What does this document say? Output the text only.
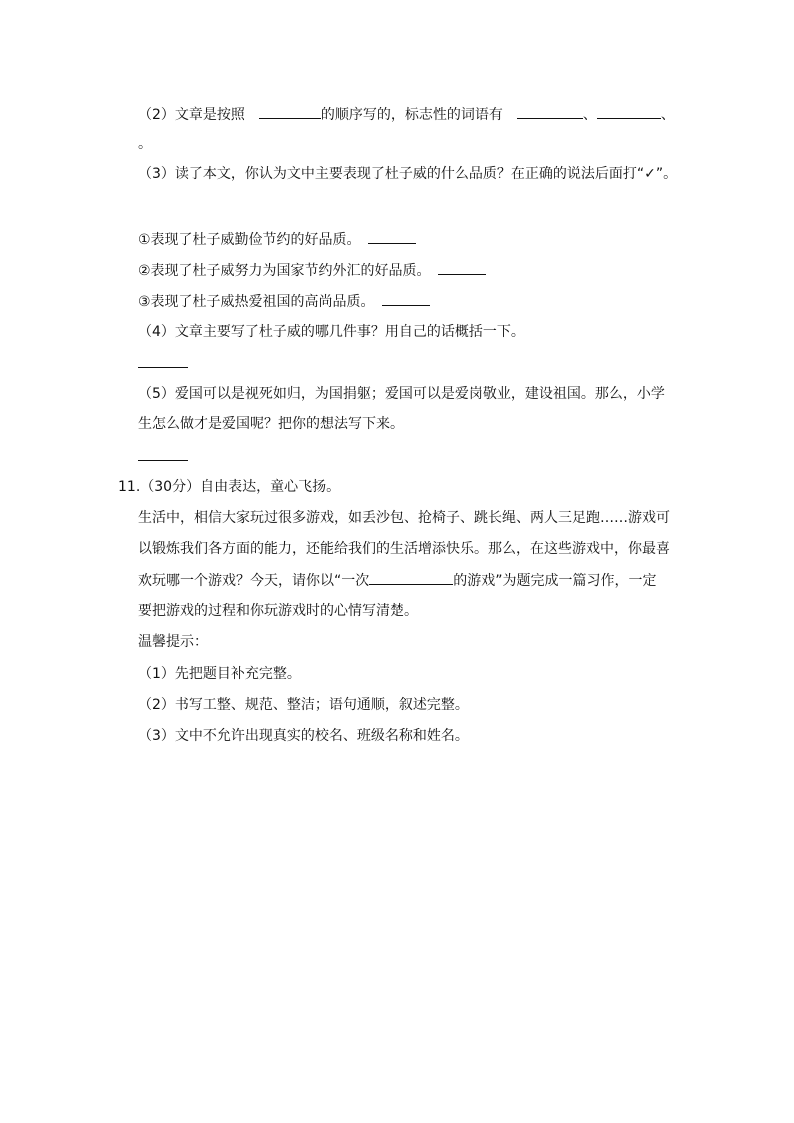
（2）文章是按照　	的顺序写的，标志性的词语有　	、	、
。
（3）读了本文，你认为文中主要表现了杜子威的什么品质？在正确的说法后面打“✓”。
①表现了杜子威勤俭节约的好品质。　
②表现了杜子威努力为国家节约外汇的好品质。　
③表现了杜子威热爱祖国的高尚品质。　
（4）文章主要写了杜子威的哪几件事？用自己的话概括一下。
（5）爱国可以是视死如归，为国捐躯；爱国可以是爱岗敬业，建设祖国。那么，小学
生怎么做才是爱国呢？把你的想法写下来。
11.（30分）自由表达，童心飞扬。
生活中，相信大家玩过很多游戏，如丢沙包、抢椅子、跳长绳、两人三足跑……游戏可
以锻炼我们各方面的能力，还能给我们的生活增添快乐。那么，在这些游戏中，你最喜
欢玩哪一个游戏？今天，请你以“一次	的游戏”为题完成一篇习作，一定
要把游戏的过程和你玩游戏时的心情写清楚。
温馨提示：
（1）先把题目补充完整。
（2）书写工整、规范、整洁；语句通顺，叙述完整。
（3）文中不允许出现真实的校名、班级名称和姓名。
